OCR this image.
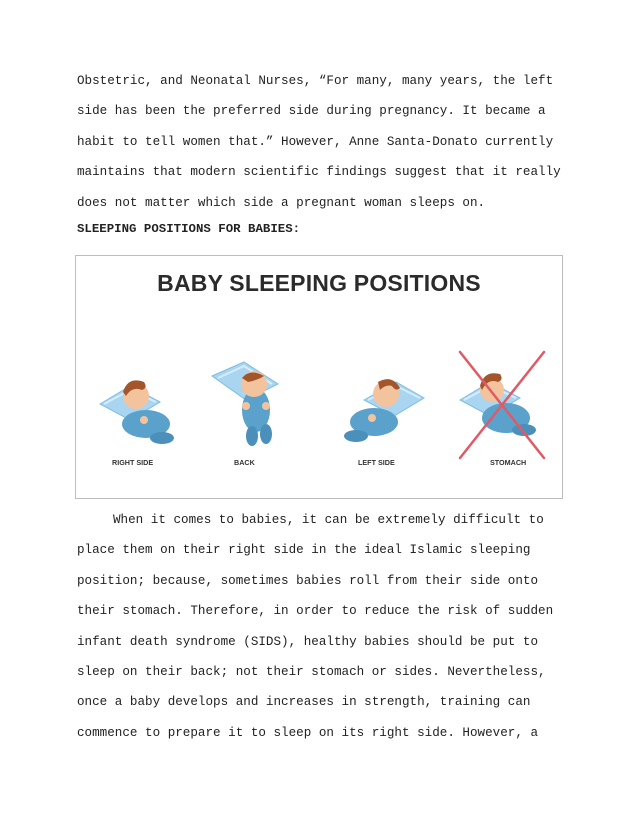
Obstetric, and Neonatal Nurses, “For many, many years, the left
side has been the preferred side during pregnancy. It became a
habit to tell women that.” However, Anne Santa-Donato currently
maintains that modern scientific findings suggest that it really
does not matter which side a pregnant woman sleeps on.

SLEEPING POSITIONS FOR BABIES:
BABY SLEEPING POSITIONS
RIGHT SIDE	BACK	LEFT SIDE	STOMACH

When it comes to babies, it can be extremely difficult to
place them on their right side in the ideal Islamic sleeping
position; because, sometimes babies roll from their side onto
their stomach. Therefore, in order to reduce the risk of sudden
infant death syndrome (SIDS), healthy babies should be put to
sleep on their back; not their stomach or sides. Nevertheless,
once a baby develops and increases in strength, training can
commence to prepare it to sleep on its right side. However, a
